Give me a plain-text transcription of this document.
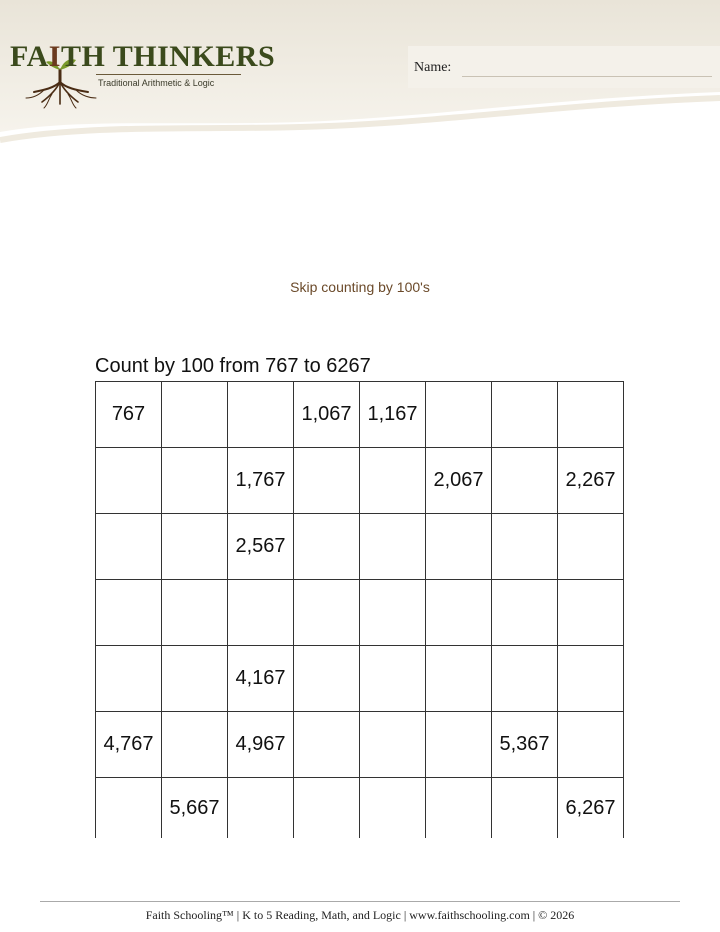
FAITH THINKERS
Traditional Arithmetic & Logic
Name:
Skip counting by 100's
Count by 100 from 767 to 6267
767			1,067	1,167			
		1,767			2,067		2,267
		2,567					

		4,167					
4,767		4,967				5,367	
	5,667						6,267
Faith Schooling™ | K to 5 Reading, Math, and Logic | www.faithschooling.com | © 2026
